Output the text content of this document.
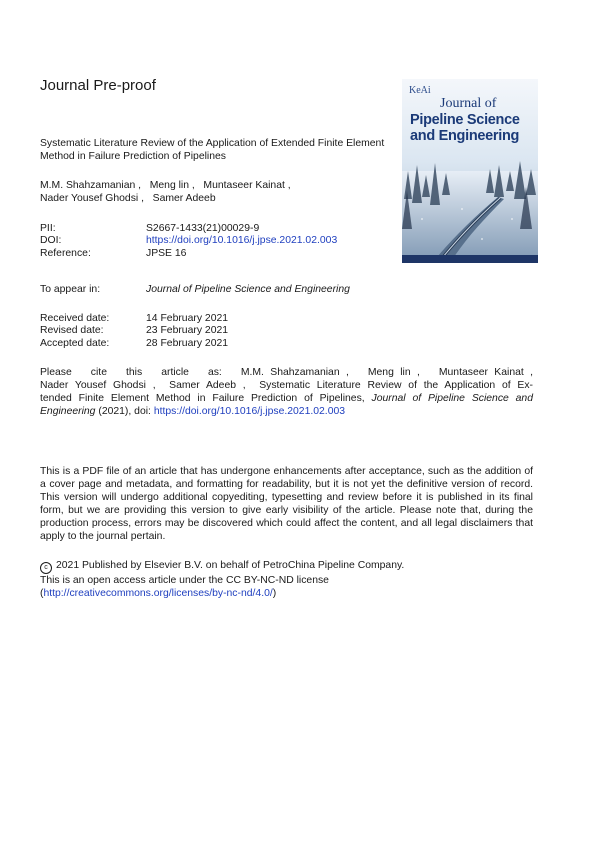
Journal Pre-proof
Systematic Literature Review of the Application of Extended Finite Element Method in Failure Prediction of Pipelines
M.M. Shahzamanian ,   Meng lin ,   Muntaseer Kainat ,
Nader Yousef Ghodsi ,   Samer Adeeb
PII:	S2667-1433(21)00029-9
DOI:	https://doi.org/10.1016/j.jpse.2021.02.003
Reference:	JPSE 16
To appear in:	Journal of Pipeline Science and Engineering
Received date:	14 February 2021
Revised date:	23 February 2021
Accepted date:	28 February 2021
Please   cite   this   article   as:   M.M. Shahzamanian ,   Meng lin ,   Muntaseer Kainat ,
Nader Yousef Ghodsi ,  Samer Adeeb ,  Systematic Literature Review of the Application of Ex-
tended Finite Element Method in Failure Prediction of Pipelines, Journal of Pipeline Science and
Engineering (2021), doi: https://doi.org/10.1016/j.jpse.2021.02.003
This is a PDF file of an article that has undergone enhancements after acceptance, such as the addition of a cover page and metadata, and formatting for readability, but it is not yet the definitive version of record. This version will undergo additional copyediting, typesetting and review before it is published in its final form, but we are providing this version to give early visibility of the article. Please note that, during the production process, errors may be discovered which could affect the content, and all legal disclaimers that apply to the journal pertain.
c 2021 Published by Elsevier B.V. on behalf of PetroChina Pipeline Company.
This is an open access article under the CC BY-NC-ND license
(http://creativecommons.org/licenses/by-nc-nd/4.0/)
KeAi
Journal of
Pipeline Science
and Engineering
